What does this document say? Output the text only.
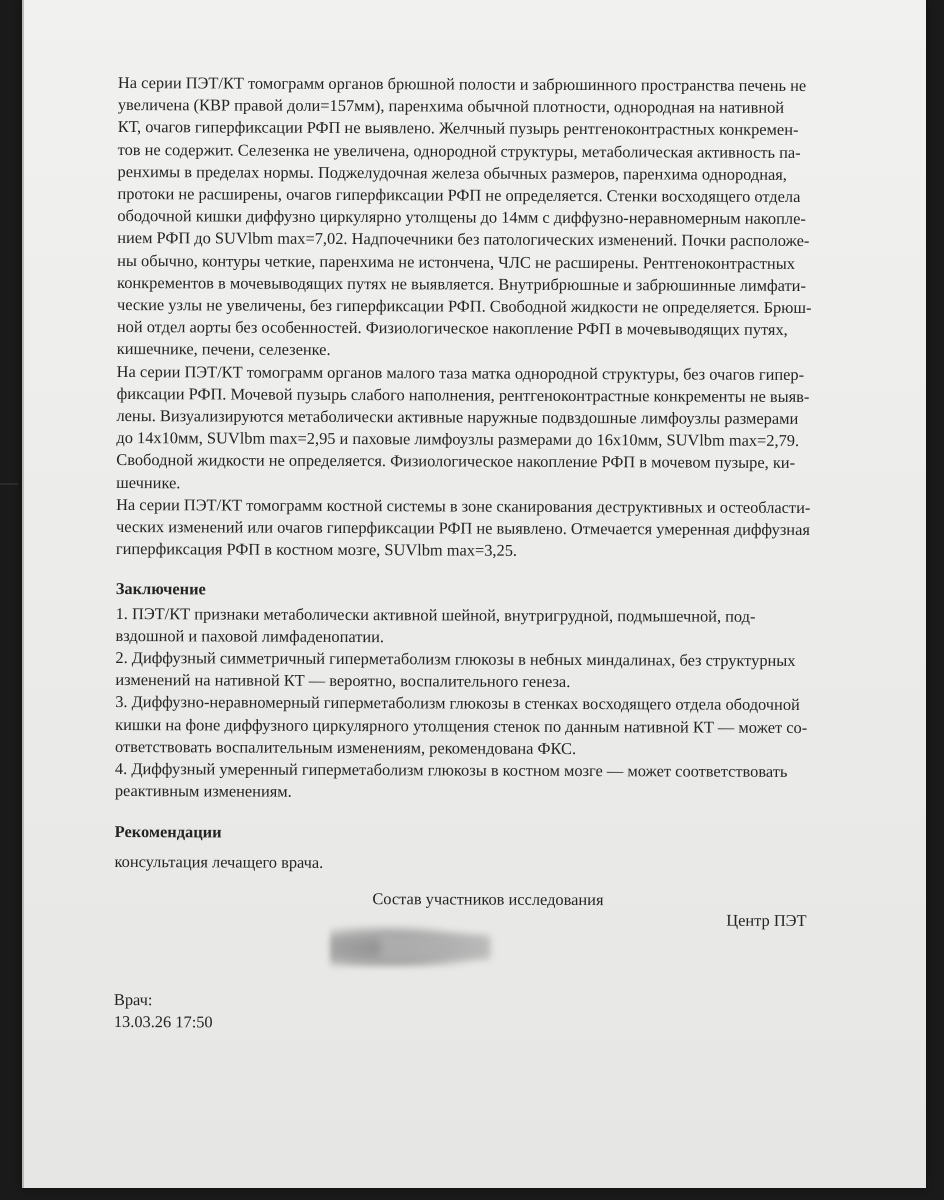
На серии ПЭТ/КТ томограмм органов брюшной полости и забрюшинного пространства печень не
увеличена (КВР правой доли=157мм), паренхима обычной плотности, однородная на нативной
КТ, очагов гиперфиксации РФП не выявлено. Желчный пузырь рентгеноконтрастных конкремен-
тов не содержит. Селезенка не увеличена, однородной структуры, метаболическая активность па-
ренхимы в пределах нормы. Поджелудочная железа обычных размеров, паренхима однородная,
протоки не расширены, очагов гиперфиксации РФП не определяется. Стенки восходящего отдела
ободочной кишки диффузно циркулярно утолщены до 14мм с диффузно-неравномерным накопле-
нием РФП до SUVlbm max=7,02. Надпочечники без патологических изменений. Почки расположе-
ны обычно, контуры четкие, паренхима не истончена, ЧЛС не расширены. Рентгеноконтрастных
конкрементов в мочевыводящих путях не выявляется. Внутрибрюшные и забрюшинные лимфати-
ческие узлы не увеличены, без гиперфиксации РФП. Свободной жидкости не определяется. Брюш-
ной отдел аорты без особенностей. Физиологическое накопление РФП в мочевыводящих путях,
кишечнике, печени, селезенке.

На серии ПЭТ/КТ томограмм органов малого таза матка однородной структуры, без очагов гипер-
фиксации РФП. Мочевой пузырь слабого наполнения, рентгеноконтрастные конкременты не выяв-
лены. Визуализируются метаболически активные наружные подвздошные лимфоузлы размерами
до 14х10мм, SUVlbm max=2,95 и паховые лимфоузлы размерами до 16х10мм, SUVlbm max=2,79.
Свободной жидкости не определяется. Физиологическое накопление РФП в мочевом пузыре, ки-
шечнике.

На серии ПЭТ/КТ томограмм костной системы в зоне сканирования деструктивных и остеобласти-
ческих изменений или очагов гиперфиксации РФП не выявлено. Отмечается умеренная диффузная
гиперфиксация РФП в костном мозге, SUVlbm max=3,25.

Заключение

1. ПЭТ/КТ признаки метаболически активной шейной, внутригрудной, подмышечной, под-
вздошной и паховой лимфаденопатии.

2. Диффузный симметричный гиперметаболизм глюкозы в небных миндалинах, без структурных
изменений на нативной КТ — вероятно, воспалительного генеза.

3. Диффузно-неравномерный гиперметаболизм глюкозы в стенках восходящего отдела ободочной
кишки на фоне диффузного циркулярного утолщения стенок по данным нативной КТ — может со-
ответствовать воспалительным изменениям, рекомендована ФКС.

4. Диффузный умеренный гиперметаболизм глюкозы в костном мозге — может соответствовать
реактивным изменениям.

Рекомендации

консультация лечащего врача.

Состав участников исследования
Центр ПЭТ
Врач:
13.03.26 17:50
